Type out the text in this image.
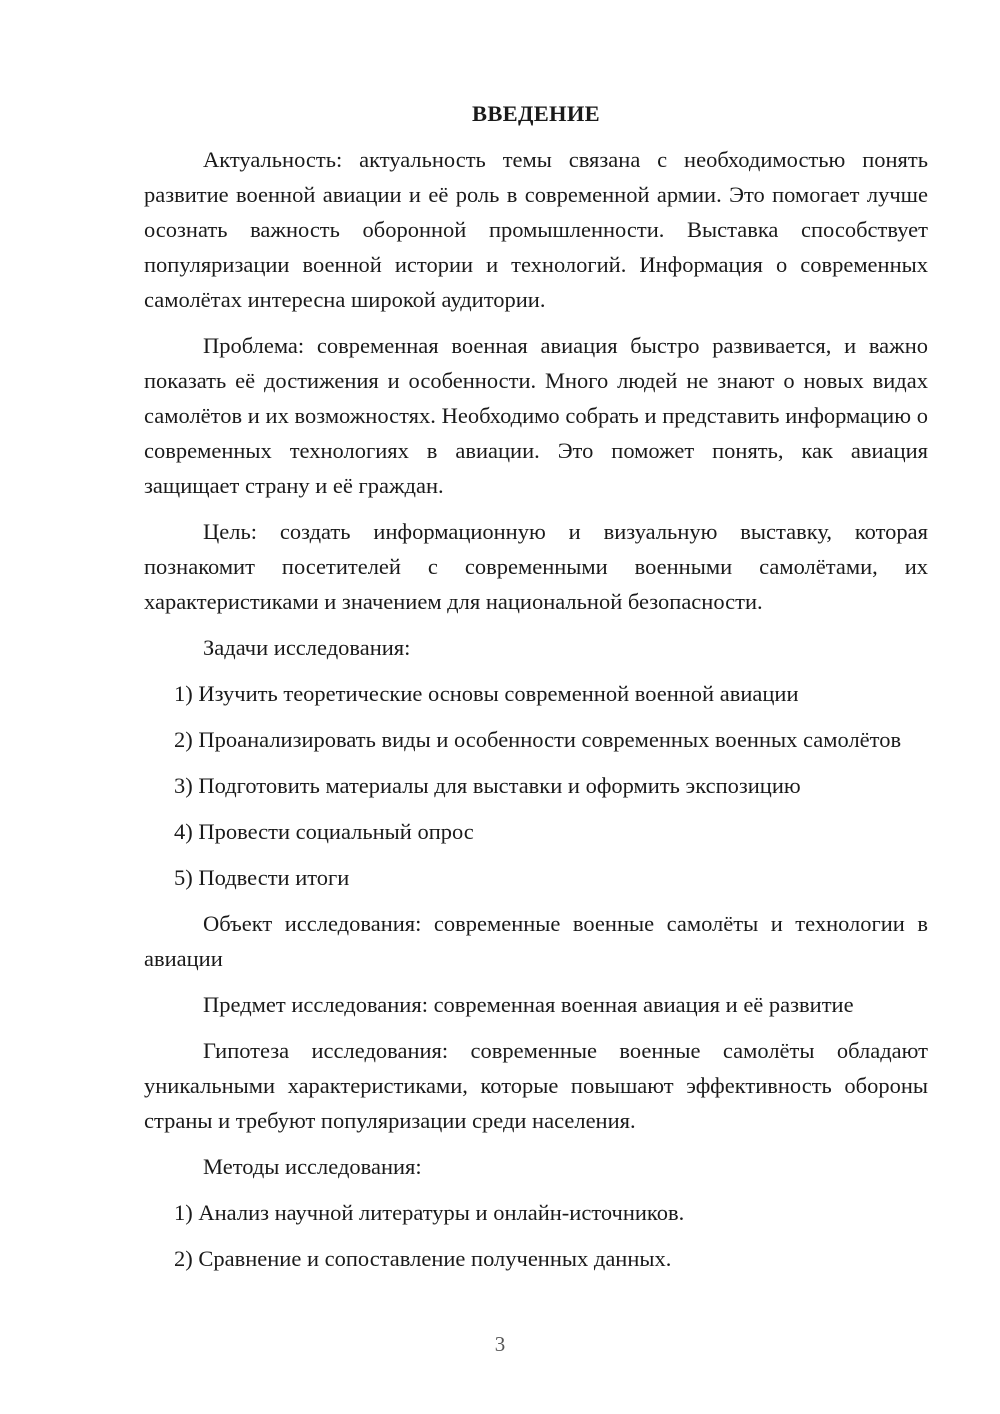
ВВЕДЕНИЕ
Актуальность: актуальность темы связана с необходимостью понять развитие военной авиации и её роль в современной армии. Это помогает лучше осознать важность оборонной промышленности. Выставка способствует популяризации военной истории и технологий. Информация о современных самолётах интересна широкой аудитории.
Проблема: современная военная авиация быстро развивается, и важно показать её достижения и особенности. Много людей не знают о новых видах самолётов и их возможностях. Необходимо собрать и представить информацию о современных технологиях в авиации. Это поможет понять, как авиация защищает страну и её граждан.
Цель: создать информационную и визуальную выставку, которая познакомит посетителей с современными военными самолётами, их характеристиками и значением для национальной безопасности.
Задачи исследования:
1) Изучить теоретические основы современной военной авиации
2) Проанализировать виды и особенности современных военных самолётов
3) Подготовить материалы для выставки и оформить экспозицию
4) Провести социальный опрос
5) Подвести итоги
Объект исследования: современные военные самолёты и технологии в авиации
Предмет исследования: современная военная авиация и её развитие
Гипотеза исследования: современные военные самолёты обладают уникальными характеристиками, которые повышают эффективность обороны страны и требуют популяризации среди населения.
Методы исследования:
1) Анализ научной литературы и онлайн-источников.
2) Сравнение и сопоставление полученных данных.
3
